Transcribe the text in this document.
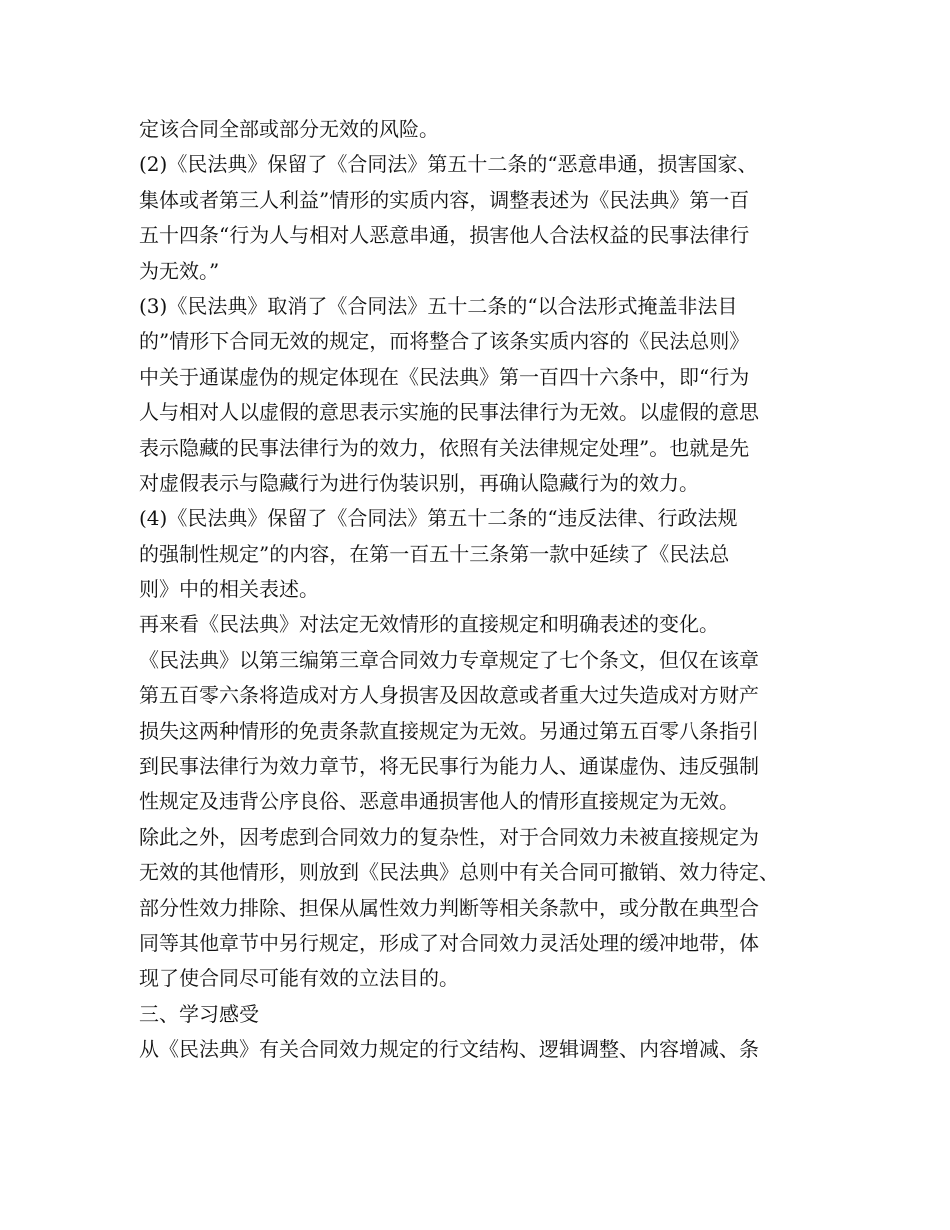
定该合同全部或部分无效的风险。
(2)《民法典》保留了《合同法》第五十二条的“恶意串通，损害国家、
集体或者第三人利益”情形的实质内容，调整表述为《民法典》第一百
五十四条“行为人与相对人恶意串通，损害他人合法权益的民事法律行
为无效。”
(3)《民法典》取消了《合同法》五十二条的“以合法形式掩盖非法目
的”情形下合同无效的规定，而将整合了该条实质内容的《民法总则》
中关于通谋虚伪的规定体现在《民法典》第一百四十六条中，即“行为
人与相对人以虚假的意思表示实施的民事法律行为无效。以虚假的意思
表示隐藏的民事法律行为的效力，依照有关法律规定处理”。也就是先
对虚假表示与隐藏行为进行伪装识别，再确认隐藏行为的效力。
(4)《民法典》保留了《合同法》第五十二条的“违反法律、行政法规
的强制性规定”的内容，在第一百五十三条第一款中延续了《民法总
则》中的相关表述。
再来看《民法典》对法定无效情形的直接规定和明确表述的变化。
《民法典》以第三编第三章合同效力专章规定了七个条文，但仅在该章
第五百零六条将造成对方人身损害及因故意或者重大过失造成对方财产
损失这两种情形的免责条款直接规定为无效。另通过第五百零八条指引
到民事法律行为效力章节，将无民事行为能力人、通谋虚伪、违反强制
性规定及违背公序良俗、恶意串通损害他人的情形直接规定为无效。
除此之外，因考虑到合同效力的复杂性，对于合同效力未被直接规定为
无效的其他情形，则放到《民法典》总则中有关合同可撤销、效力待定、
部分性效力排除、担保从属性效力判断等相关条款中，或分散在典型合
同等其他章节中另行规定，形成了对合同效力灵活处理的缓冲地带，体
现了使合同尽可能有效的立法目的。
三、学习感受
从《民法典》有关合同效力规定的行文结构、逻辑调整、内容增减、条
